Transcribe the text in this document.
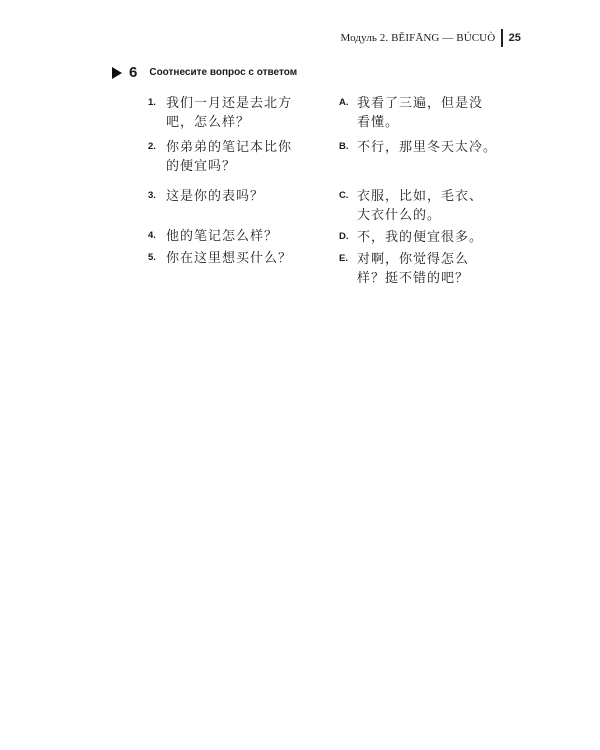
Модуль 2. BĚIFĀNG — BÚCUÒ 25
6 Соотнесите вопрос с ответом
1. 我们一月还是去北方
吧，怎么样？
2. 你弟弟的笔记本比你
的便宜吗？
3. 这是你的表吗？
4. 他的笔记怎么样？
5. 你在这里想买什么？
A. 我看了三遍，但是没
看懂。
B. 不行，那里冬天太冷。
C. 衣服，比如，毛衣、
大衣什么的。
D. 不，我的便宜很多。
E. 对啊，你觉得怎么
样？挺不错的吧？
